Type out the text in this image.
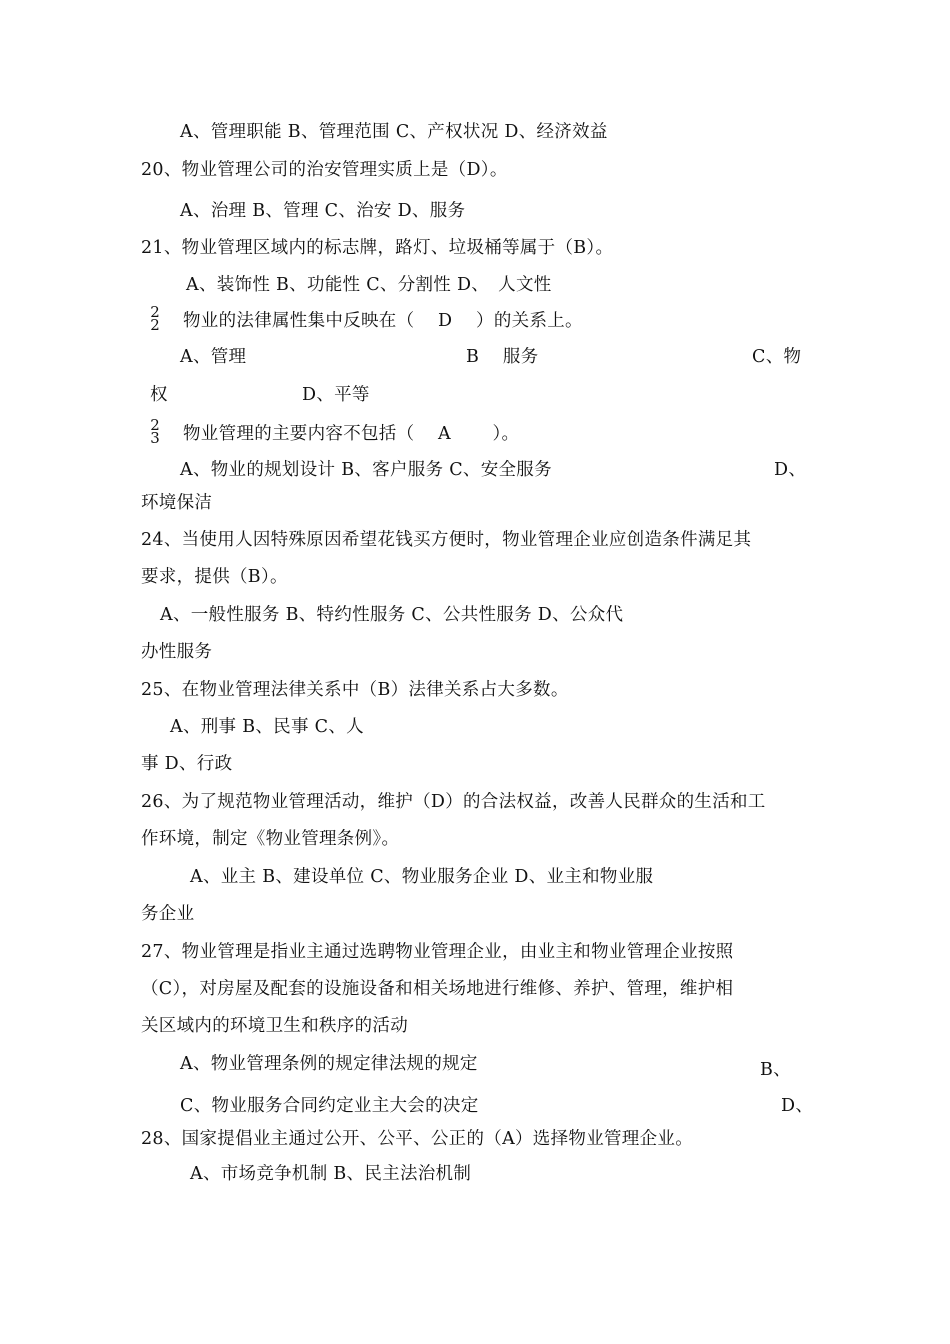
A、管理职能 B、管理范围 C、产权状况 D、经济效益
20、物业管理公司的治安管理实质上是（D）。
A、治理 B、管理 C、治安 D、服务
21、物业管理区域内的标志牌，路灯、垃圾桶等属于（B）。
A、装饰性 B、功能性 C、分割性 D、　人文性
2
2 物业的法律属性集中反映在（　 D　 ）的关系上。
A、管理	B　 服务	C、物
权	D、平等
2
3 物业管理的主要内容不包括（　 A　　 ）。
A、物业的规划设计 B、客户服务 C、安全服务	D、
环境保洁
24、当使用人因特殊原因希望花钱买方便时，物业管理企业应创造条件满足其
要求，提供（B）。
A、一般性服务 B、特约性服务 C、公共性服务 D、公众代
办性服务
25、在物业管理法律关系中（B）法律关系占大多数。
A、刑事 B、民事 C、人
事 D、行政
26、为了规范物业管理活动，维护（D）的合法权益，改善人民群众的生活和工
作环境，制定《物业管理条例》。
A、业主 B、建设单位 C、物业服务企业 D、业主和物业服
务企业
27、物业管理是指业主通过选聘物业管理企业，由业主和物业管理企业按照
（C），对房屋及配套的设施设备和相关场地进行维修、养护、管理，维护相
关区域内的环境卫生和秩序的活动
A、物业管理条例的规定律法规的规定	B、
C、物业服务合同约定业主大会的决定	D、
28、国家提倡业主通过公开、公平、公正的（A）选择物业管理企业。
A、市场竞争机制 B、民主法治机制
